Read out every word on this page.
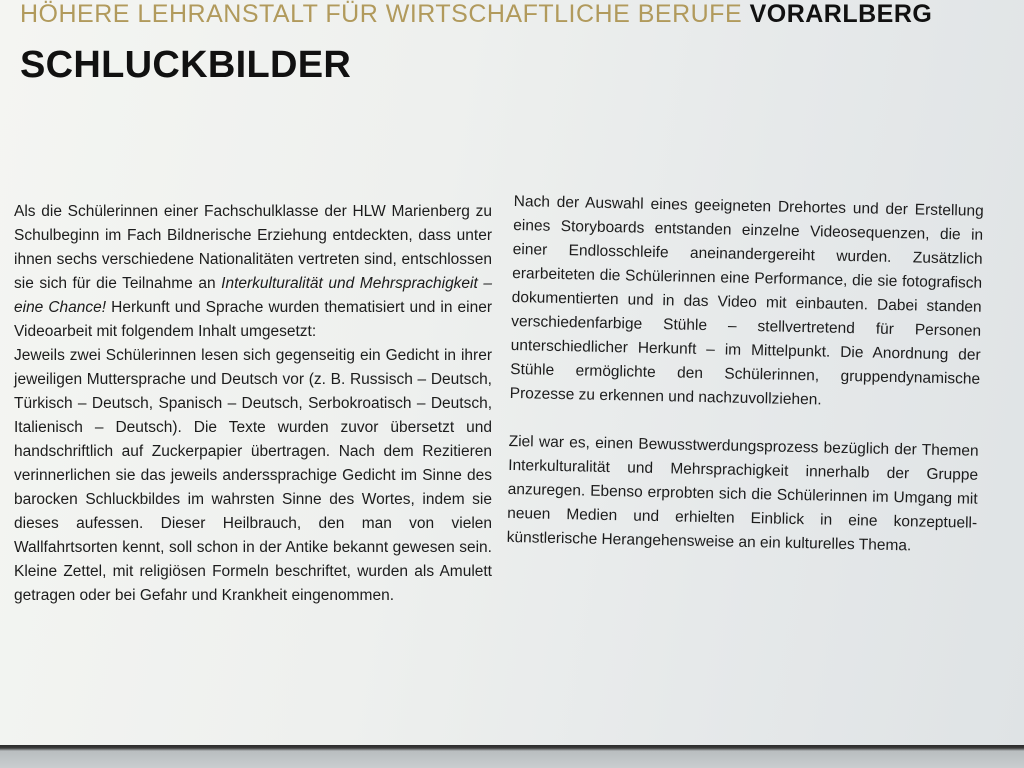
HÖHERE LEHRANSTALT FÜR WIRTSCHAFTLICHE BERUFE VORARLBERG
SCHLUCKBILDER

Als die Schülerinnen einer Fachschulklasse der HLW Marienberg zu Schulbeginn im Fach Bildnerische Erziehung entdeckten, dass unter ihnen sechs verschiedene Nationalitäten vertreten sind, entschlossen sie sich für die Teilnahme an Interkulturalität und Mehrsprachigkeit – eine Chance! Herkunft und Sprache wurden thematisiert und in einer Videoarbeit mit folgendem Inhalt umgesetzt:

Jeweils zwei Schülerinnen lesen sich gegenseitig ein Gedicht in ihrer jeweiligen Muttersprache und Deutsch vor (z. B. Russisch – Deutsch, Türkisch – Deutsch, Spanisch – Deutsch, Serbokroatisch – Deutsch, Italienisch – Deutsch). Die Texte wurden zuvor übersetzt und handschriftlich auf Zuckerpapier übertragen. Nach dem Rezitieren verinnerlichen sie das jeweils anderssprachige Gedicht im Sinne des barocken Schluckbildes im wahrsten Sinne des Wortes, indem sie dieses aufessen. Dieser Heilbrauch, den man von vielen Wallfahrtsorten kennt, soll schon in der Antike bekannt gewesen sein. Kleine Zettel, mit religiösen Formeln beschriftet, wurden als Amulett getragen oder bei Gefahr und Krankheit eingenommen.

Nach der Auswahl eines geeigneten Drehortes und der Erstellung eines Storyboards entstanden einzelne Videosequenzen, die in einer Endlosschleife aneinandergereiht wurden. Zusätzlich erarbeiteten die Schülerinnen eine Performance, die sie fotografisch dokumentierten und in das Video mit einbauten. Dabei standen verschiedenfarbige Stühle – stellvertretend für Personen unterschiedlicher Herkunft – im Mittelpunkt. Die Anordnung der Stühle ermöglichte den Schülerinnen, gruppendynamische Prozesse zu erkennen und nachzuvollziehen.

Ziel war es, einen Bewusstwerdungsprozess bezüglich der Themen Interkulturalität und Mehrsprachigkeit innerhalb der Gruppe anzuregen. Ebenso erprobten sich die Schülerinnen im Umgang mit neuen Medien und erhielten Einblick in eine konzeptuell-künstlerische Herangehensweise an ein kulturelles Thema.
